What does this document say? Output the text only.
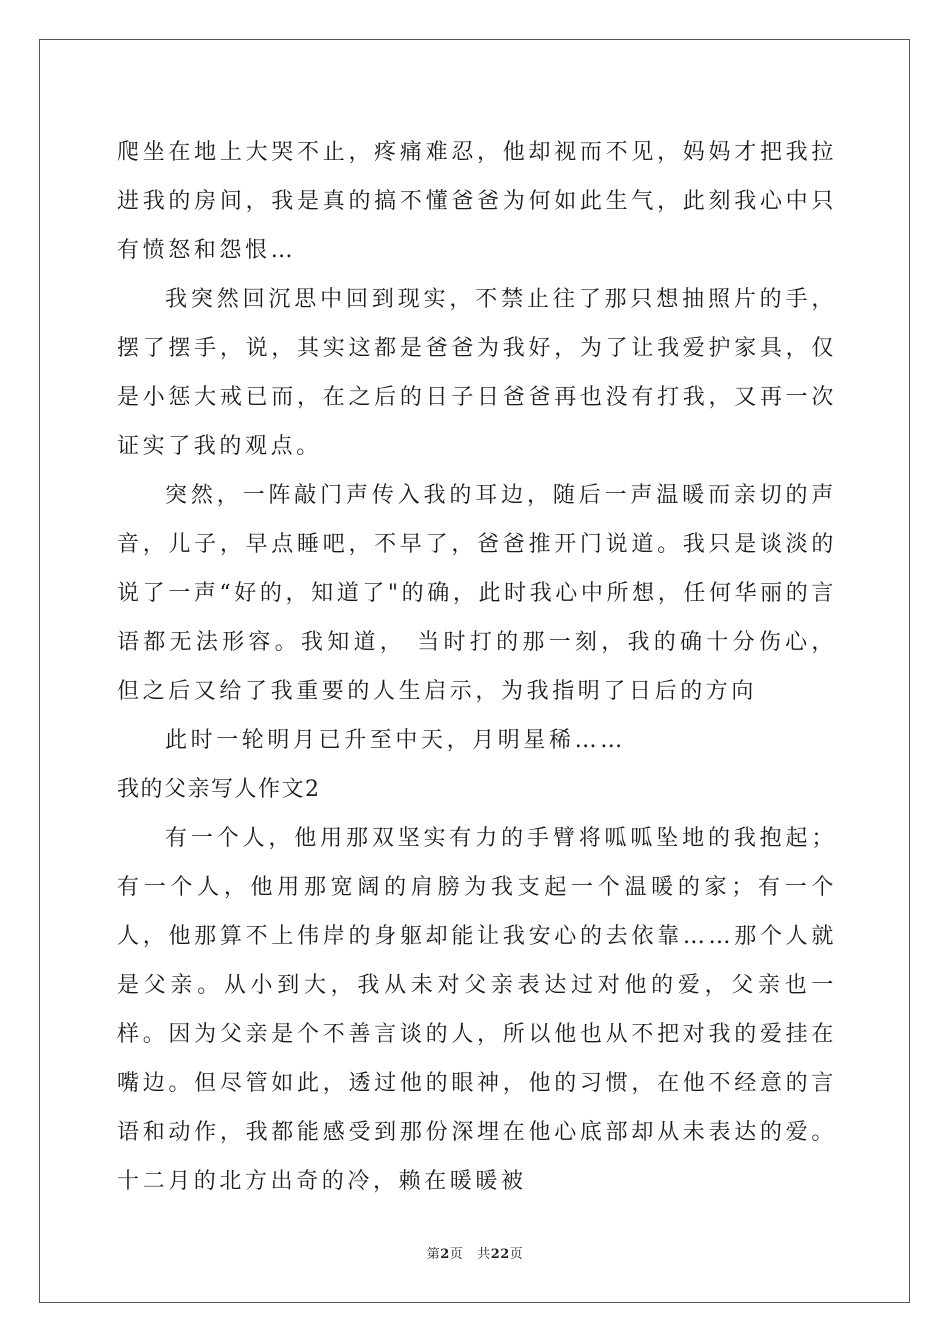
爬坐在地上大哭不止，疼痛难忍，他却视而不见，妈妈才把我拉进我的房间，我是真的搞不懂爸爸为何如此生气，此刻我心中只有愤怒和怨恨…

我突然回沉思中回到现实，不禁止往了那只想抽照片的手，摆了摆手，说，其实这都是爸爸为我好，为了让我爱护家具，仅是小惩大戒已而，在之后的日子日爸爸再也没有打我，又再一次证实了我的观点。

突然，一阵敲门声传入我的耳边，随后一声温暖而亲切的声音，儿子，早点睡吧，不早了，爸爸推开门说道。我只是谈淡的说了一声“好的，知道了"的确，此时我心中所想，任何华丽的言语都无法形容。我知道， 当时打的那一刻，我的确十分伤心，但之后又给了我重要的人生启示，为我指明了日后的方向

此时一轮明月已升至中天，月明星稀……

我的父亲写人作文2

有一个人，他用那双坚实有力的手臂将呱呱坠地的我抱起；有一个人，他用那宽阔的肩膀为我支起一个温暖的家；有一个人，他那算不上伟岸的身躯却能让我安心的去依靠……那个人就是父亲。从小到大，我从未对父亲表达过对他的爱，父亲也一样。因为父亲是个不善言谈的人，所以他也从不把对我的爱挂在嘴边。但尽管如此，透过他的眼神，他的习惯，在他不经意的言语和动作，我都能感受到那份深埋在他心底部却从未表达的爱。十二月的北方出奇的冷，赖在暖暖被

第2页 共22页
